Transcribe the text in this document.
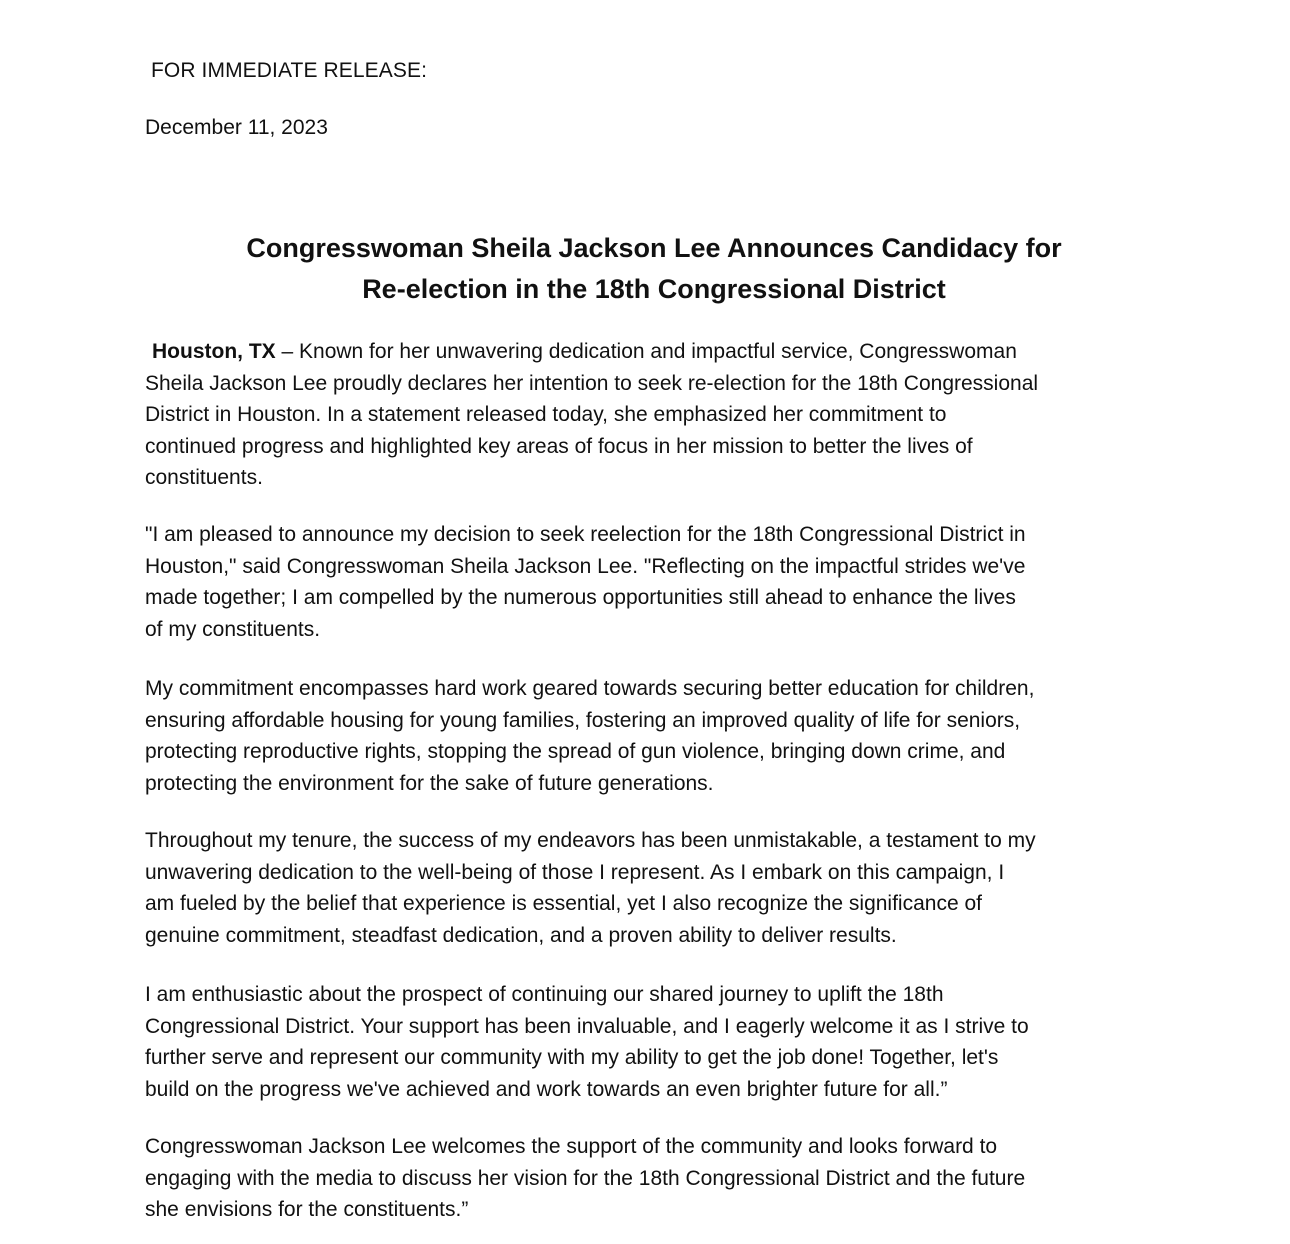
FOR IMMEDIATE RELEASE:
December 11, 2023
Congresswoman Sheila Jackson Lee Announces Candidacy for
Re-election in the 18th Congressional District

Houston, TX – Known for her unwavering dedication and impactful service, Congresswoman
Sheila Jackson Lee proudly declares her intention to seek re-election for the 18th Congressional
District in Houston. In a statement released today, she emphasized her commitment to
continued progress and highlighted key areas of focus in her mission to better the lives of
constituents.

"I am pleased to announce my decision to seek reelection for the 18th Congressional District in
Houston," said Congresswoman Sheila Jackson Lee. "Reflecting on the impactful strides we've
made together; I am compelled by the numerous opportunities still ahead to enhance the lives
of my constituents.

My commitment encompasses hard work geared towards securing better education for children,
ensuring affordable housing for young families, fostering an improved quality of life for seniors,
protecting reproductive rights, stopping the spread of gun violence, bringing down crime, and
protecting the environment for the sake of future generations.

Throughout my tenure, the success of my endeavors has been unmistakable, a testament to my
unwavering dedication to the well-being of those I represent. As I embark on this campaign, I
am fueled by the belief that experience is essential, yet I also recognize the significance of
genuine commitment, steadfast dedication, and a proven ability to deliver results.

I am enthusiastic about the prospect of continuing our shared journey to uplift the 18th
Congressional District. Your support has been invaluable, and I eagerly welcome it as I strive to
further serve and represent our community with my ability to get the job done! Together, let's
build on the progress we've achieved and work towards an even brighter future for all.”

Congresswoman Jackson Lee welcomes the support of the community and looks forward to
engaging with the media to discuss her vision for the 18th Congressional District and the future
she envisions for the constituents.”
